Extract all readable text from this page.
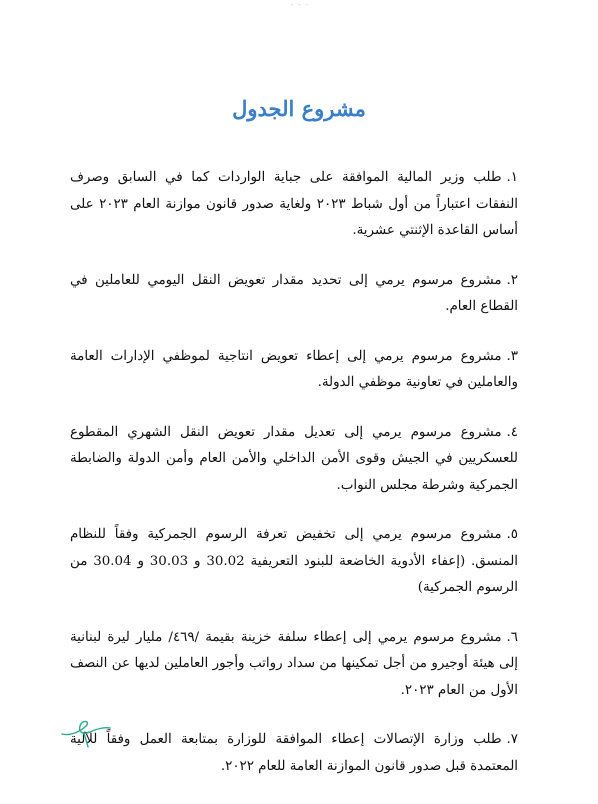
- - -
مشروع الجدول
١.طلب وزير المالية الموافقة على جباية الواردات كما في السابق وصرف النفقات اعتباراً من أول شباط ٢٠٢٣ ولغاية صدور قانون موازنة العام ٢٠٢٣ على أساس القاعدة الإثنتي عشرية.
٢.مشروع مرسوم يرمي إلى تحديد مقدار تعويض النقل اليومي للعاملين في القطاع العام.
٣.مشروع مرسوم يرمي إلى إعطاء تعويض انتاجية لموظفي الإدارات العامة والعاملين في تعاونية موظفي الدولة.
٤.مشروع مرسوم يرمي إلى تعديل مقدار تعويض النقل الشهري المقطوع للعسكريين في الجيش وقوى الأمن الداخلي والأمن العام وأمن الدولة والضابطة الجمركية وشرطة مجلس النواب.
٥.مشروع مرسوم يرمي إلى تخفيض تعرفة الرسوم الجمركية وفقاً للنظام المنسق. (إعفاء الأدوية الخاضعة للبنود التعريفية 30.02 و 30.03 و 30.04 من الرسوم الجمركية)
٦.مشروع مرسوم يرمي إلى إعطاء سلفة خزينة بقيمة /٤٦٩/ مليار ليرة لبنانية إلى هيئة أوجيرو من أجل تمكينها من سداد رواتب وأجور العاملين لديها عن النصف الأول من العام ٢٠٢٣.
٧.طلب وزارة الإتصالات إعطاء الموافقة للوزارة بمتابعة العمل وفقاً للآلية المعتمدة قبل صدور قانون الموازنة العامة للعام ٢٠٢٢.
